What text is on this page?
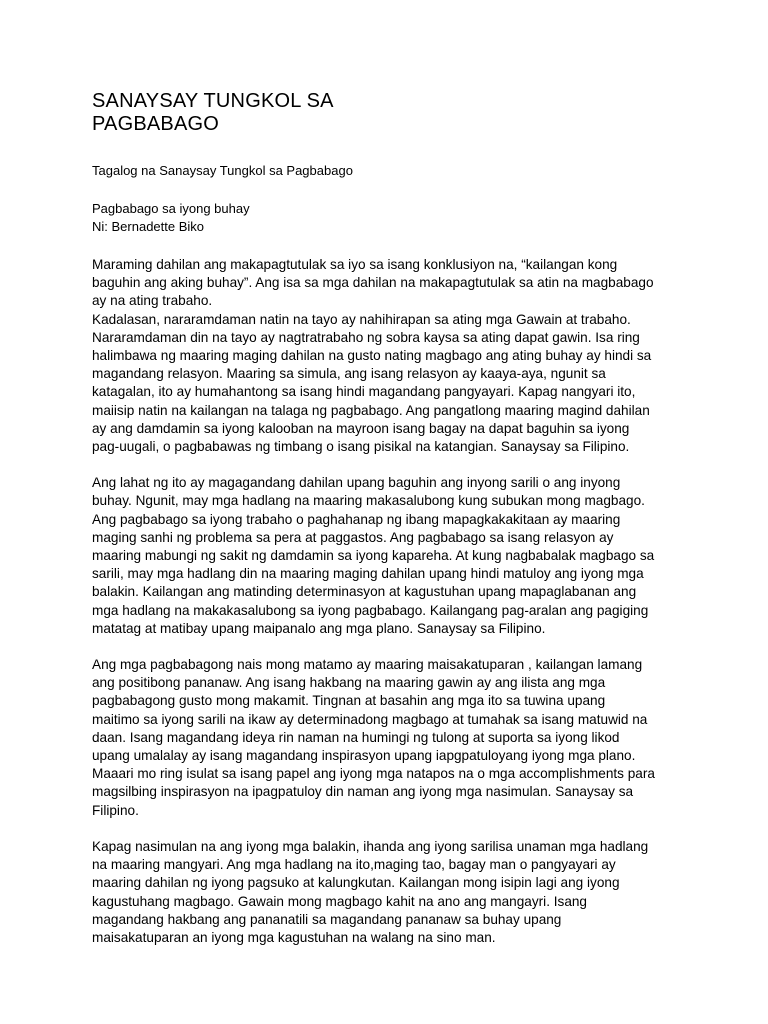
SANAYSAY TUNGKOL SA
PAGBABAGO
Tagalog na Sanaysay Tungkol sa Pagbabago
Pagbabago sa iyong buhay
Ni: Bernadette Biko
Maraming dahilan ang makapagtutulak sa iyo sa isang konklusiyon na, “kailangan kong
baguhin ang aking buhay”. Ang isa sa mga dahilan na makapagtutulak sa atin na magbabago
ay na ating trabaho.
Kadalasan, nararamdaman natin na tayo ay nahihirapan sa ating mga Gawain at trabaho.
Nararamdaman din na tayo ay nagtratrabaho ng sobra kaysa sa ating dapat gawin. Isa ring
halimbawa ng maaring maging dahilan na gusto nating magbago ang ating buhay ay hindi sa
magandang relasyon. Maaring sa simula, ang isang relasyon ay kaaya-aya, ngunit sa
katagalan, ito ay humahantong sa isang hindi magandang pangyayari. Kapag nangyari ito,
maiisip natin na kailangan na talaga ng pagbabago. Ang pangatlong maaring magind dahilan
ay ang damdamin sa iyong kalooban na mayroon isang bagay na dapat baguhin sa iyong
pag-uugali, o pagbabawas ng timbang o isang pisikal na katangian. Sanaysay sa Filipino.
Ang lahat ng ito ay magagandang dahilan upang baguhin ang inyong sarili o ang inyong
buhay. Ngunit, may mga hadlang na maaring makasalubong kung subukan mong magbago.
Ang pagbabago sa iyong trabaho o paghahanap ng ibang mapagkakakitaan ay maaring
maging sanhi ng problema sa pera at paggastos. Ang pagbabago sa isang relasyon ay
maaring mabungi ng sakit ng damdamin sa iyong kapareha. At kung nagbabalak magbago sa
sarili, may mga hadlang din na maaring maging dahilan upang hindi matuloy ang iyong mga
balakin. Kailangan ang matinding determinasyon at kagustuhan upang mapaglabanan ang
mga hadlang na makakasalubong sa iyong pagbabago. Kailangang pag-aralan ang pagiging
matatag at matibay upang maipanalo ang mga plano. Sanaysay sa Filipino.
Ang mga pagbabagong nais mong matamo ay maaring maisakatuparan , kailangan lamang
ang positibong pananaw. Ang isang hakbang na maaring gawin ay ang ilista ang mga
pagbabagong gusto mong makamit. Tingnan at basahin ang mga ito sa tuwina upang
maitimo sa iyong sarili na ikaw ay determinadong magbago at tumahak sa isang matuwid na
daan. Isang magandang ideya rin naman na humingi ng tulong at suporta sa iyong likod
upang umalalay ay isang magandang inspirasyon upang iapgpatuloyang iyong mga plano.
Maaari mo ring isulat sa isang papel ang iyong mga natapos na o mga accomplishments para
magsilbing inspirasyon na ipagpatuloy din naman ang iyong mga nasimulan. Sanaysay sa
Filipino.
Kapag nasimulan na ang iyong mga balakin, ihanda ang iyong sarilisa unaman mga hadlang
na maaring mangyari. Ang mga hadlang na ito,maging tao, bagay man o pangyayari ay
maaring dahilan ng iyong pagsuko at kalungkutan. Kailangan mong isipin lagi ang iyong
kagustuhang magbago. Gawain mong magbago kahit na ano ang mangayri. Isang
magandang hakbang ang pananatili sa magandang pananaw sa buhay upang
maisakatuparan an iyong mga kagustuhan na walang na sino man.
